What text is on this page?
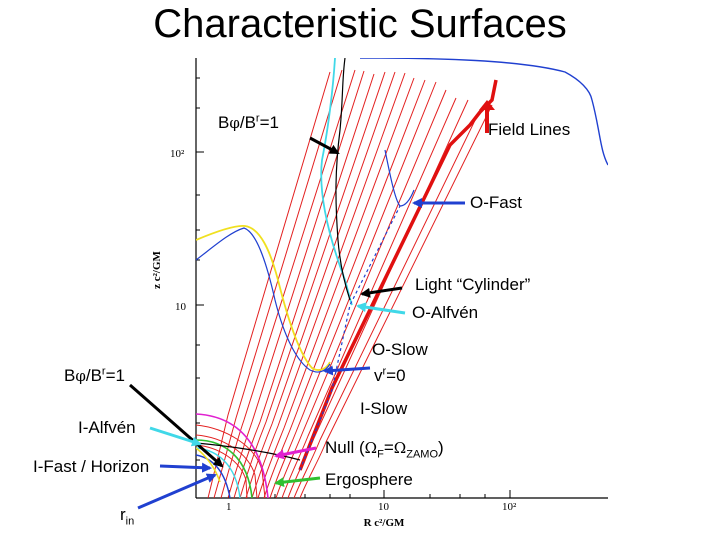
Characteristic Surfaces
10
10²
1	10	10²
R c²/GM
z c²/GM
$B\varphi/B^r=1$	Field Lines
O-Fast
Light “Cylinder”
O-Alfvén
O-Slow
$v^r=0$
$B\varphi/B^r=1$
I-Slow
I-Alfvén
Null $(\Omega_F=\Omega_{ZAMO})$
I-Fast / Horizon
Ergosphere
$r_{in}$
